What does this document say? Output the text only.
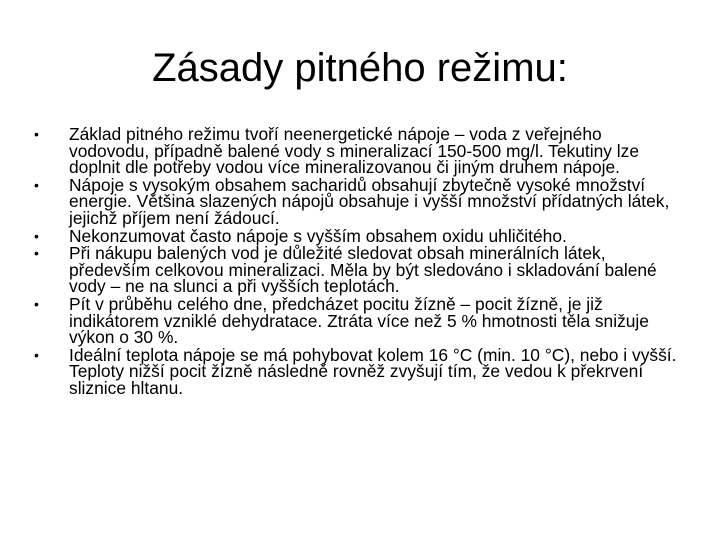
Zásady pitného režimu:
•	Základ pitného režimu tvoří neenergetické nápoje – voda z veřejného vodovodu, případně balené vody s mineralizací 150-500 mg/l. Tekutiny lze doplnit dle potřeby vodou více mineralizovanou či jiným druhem nápoje.
•	Nápoje s vysokým obsahem sacharidů obsahují zbytečně vysoké množství energie. Většina slazených nápojů obsahuje i vyšší množství přídatných látek, jejichž příjem není žádoucí.
•	Nekonzumovat často nápoje s vyšším obsahem oxidu uhličitého.
•	Při nákupu balených vod je důležité sledovat obsah minerálních látek, především celkovou mineralizaci. Měla by být sledováno i skladování balené vody – ne na slunci a při vyšších teplotách.
•	Pít v průběhu celého dne, předcházet pocitu žízně – pocit žízně, je již indikátorem vzniklé dehydratace. Ztráta více než 5 % hmotnosti těla snižuje výkon o 30 %.
•	Ideální teplota nápoje se má pohybovat kolem 16 °C (min. 10 °C), nebo i vyšší. Teploty nižší pocit žízně následně rovněž zvyšují tím, že vedou k překrvení sliznice hltanu.
